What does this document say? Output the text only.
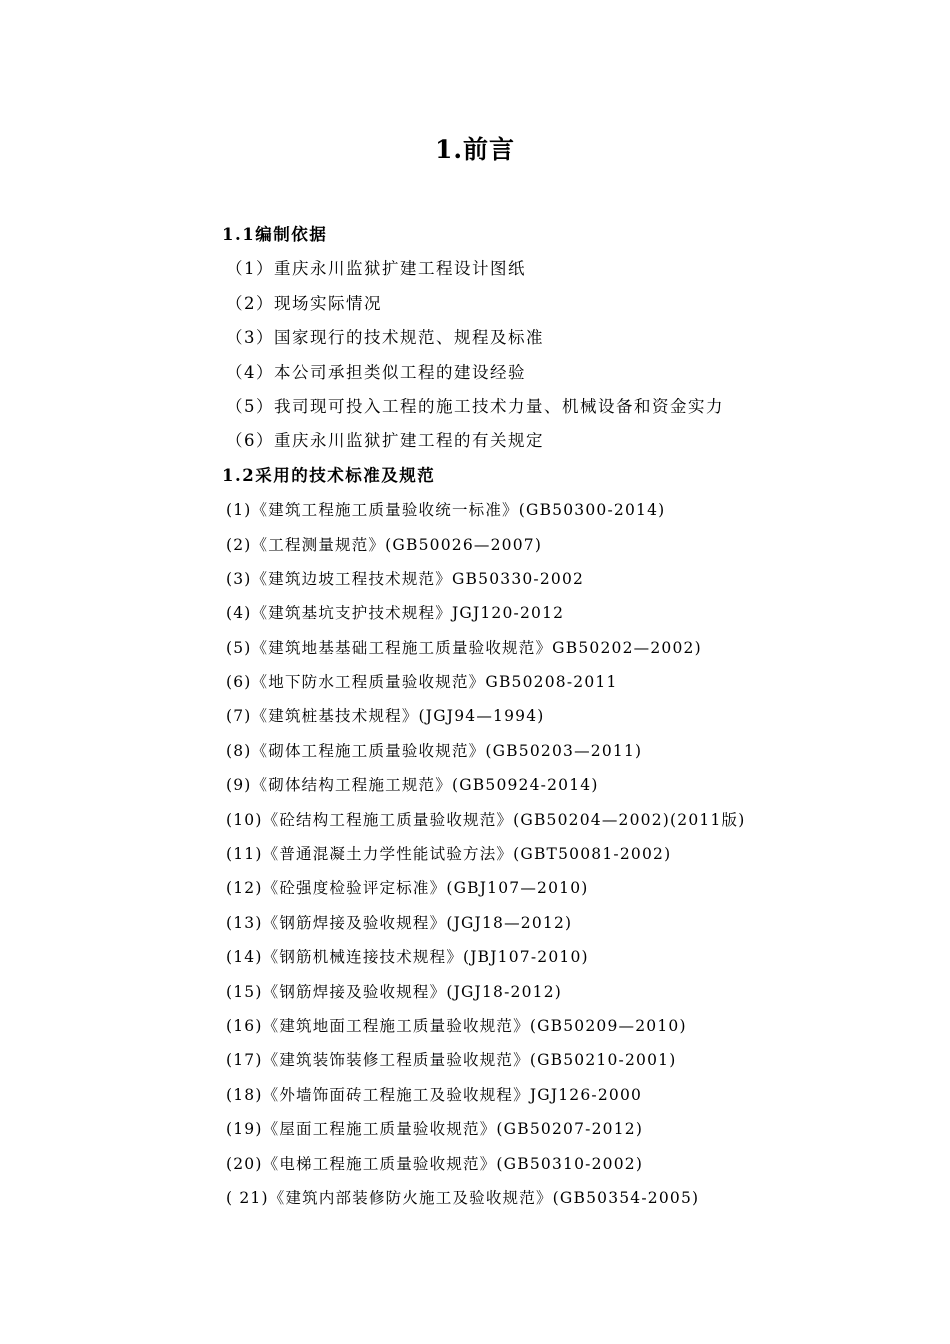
1.前言
1.1编制依据
（1）重庆永川监狱扩建工程设计图纸
（2）现场实际情况
（3）国家现行的技术规范、规程及标准
（4）本公司承担类似工程的建设经验
（5）我司现可投入工程的施工技术力量、机械设备和资金实力
（6）重庆永川监狱扩建工程的有关规定
1.2采用的技术标准及规范
(1)《建筑工程施工质量验收统一标准》(GB50300-2014)
(2)《工程测量规范》(GB50026—2007)
(3)《建筑边坡工程技术规范》GB50330-2002
(4)《建筑基坑支护技术规程》JGJ120-2012
(5)《建筑地基基础工程施工质量验收规范》GB50202—2002)
(6)《地下防水工程质量验收规范》GB50208-2011
(7)《建筑桩基技术规程》(JGJ94—1994)
(8)《砌体工程施工质量验收规范》(GB50203—2011)
(9)《砌体结构工程施工规范》(GB50924-2014)
(10)《砼结构工程施工质量验收规范》(GB50204—2002)(2011版)
(11)《普通混凝土力学性能试验方法》(GBT50081-2002)
(12)《砼强度检验评定标准》(GBJ107—2010)
(13)《钢筋焊接及验收规程》(JGJ18—2012)
(14)《钢筋机械连接技术规程》(JBJ107-2010)
(15)《钢筋焊接及验收规程》(JGJ18-2012)
(16)《建筑地面工程施工质量验收规范》(GB50209—2010)
(17)《建筑装饰装修工程质量验收规范》(GB50210-2001)
(18)《外墙饰面砖工程施工及验收规程》JGJ126-2000
(19)《屋面工程施工质量验收规范》(GB50207-2012)
(20)《电梯工程施工质量验收规范》(GB50310-2002)
( 21)《建筑内部装修防火施工及验收规范》(GB50354-2005)
